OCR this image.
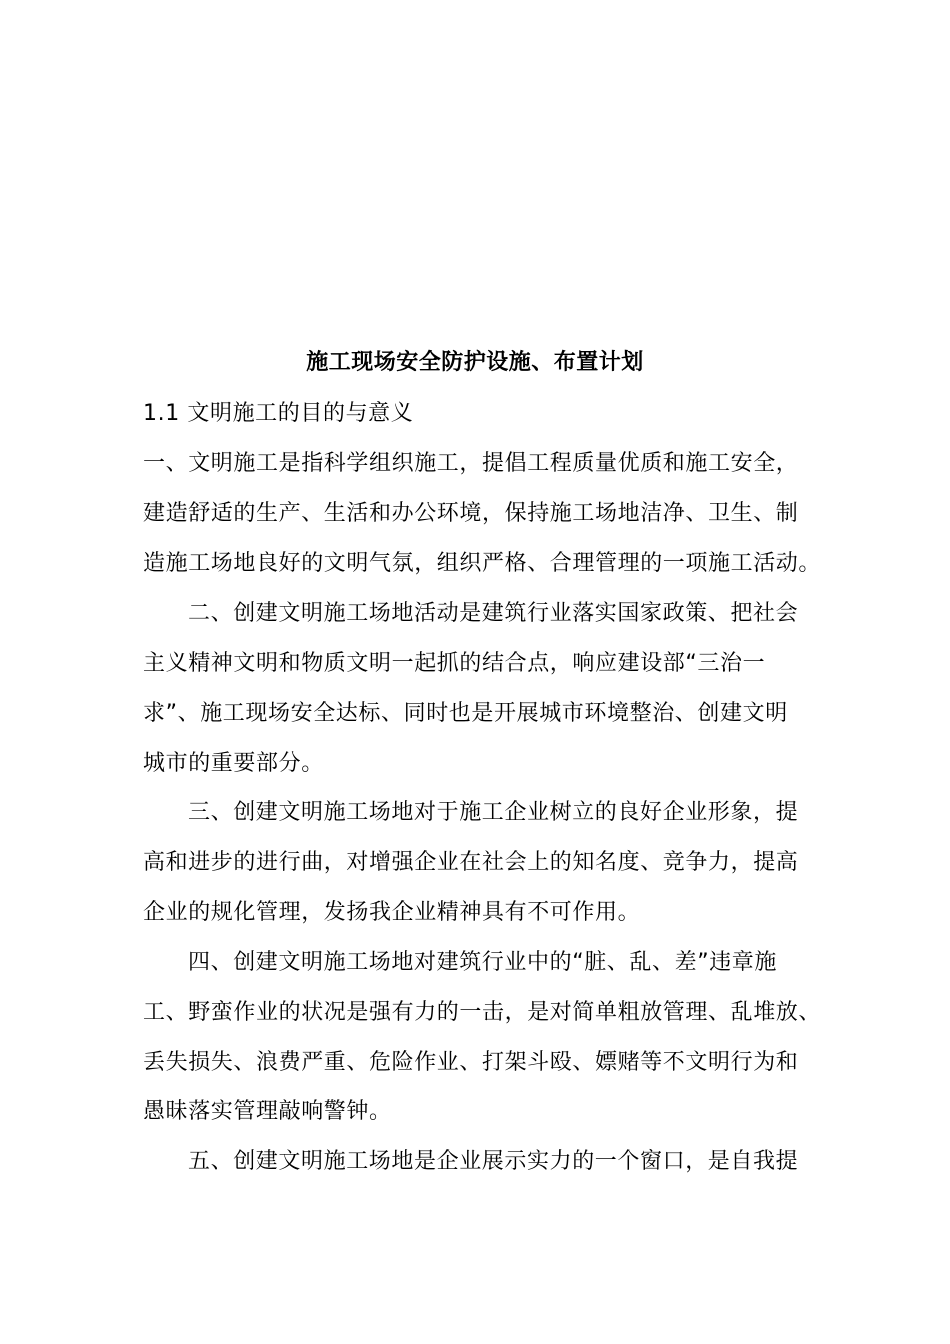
施工现场安全防护设施、布置计划
1.1 文明施工的目的与意义
一、文明施工是指科学组织施工，提倡工程质量优质和施工安全，
建造舒适的生产、生活和办公环境，保持施工场地洁净、卫生、制
造施工场地良好的文明气氛，组织严格、合理管理的一项施工活动。
二、创建文明施工场地活动是建筑行业落实国家政策、把社会
主义精神文明和物质文明一起抓的结合点，响应建设部“三治一
求”、施工现场安全达标、同时也是开展城市环境整治、创建文明
城市的重要部分。
三、创建文明施工场地对于施工企业树立的良好企业形象，提
高和进步的进行曲，对增强企业在社会上的知名度、竞争力，提高
企业的规化管理，发扬我企业精神具有不可作用。
四、创建文明施工场地对建筑行业中的“脏、乱、差”违章施
工、野蛮作业的状况是强有力的一击，是对简单粗放管理、乱堆放、
丢失损失、浪费严重、危险作业、打架斗殴、嫖赌等不文明行为和
愚昧落实管理敲响警钟。
五、创建文明施工场地是企业展示实力的一个窗口，是自我提
